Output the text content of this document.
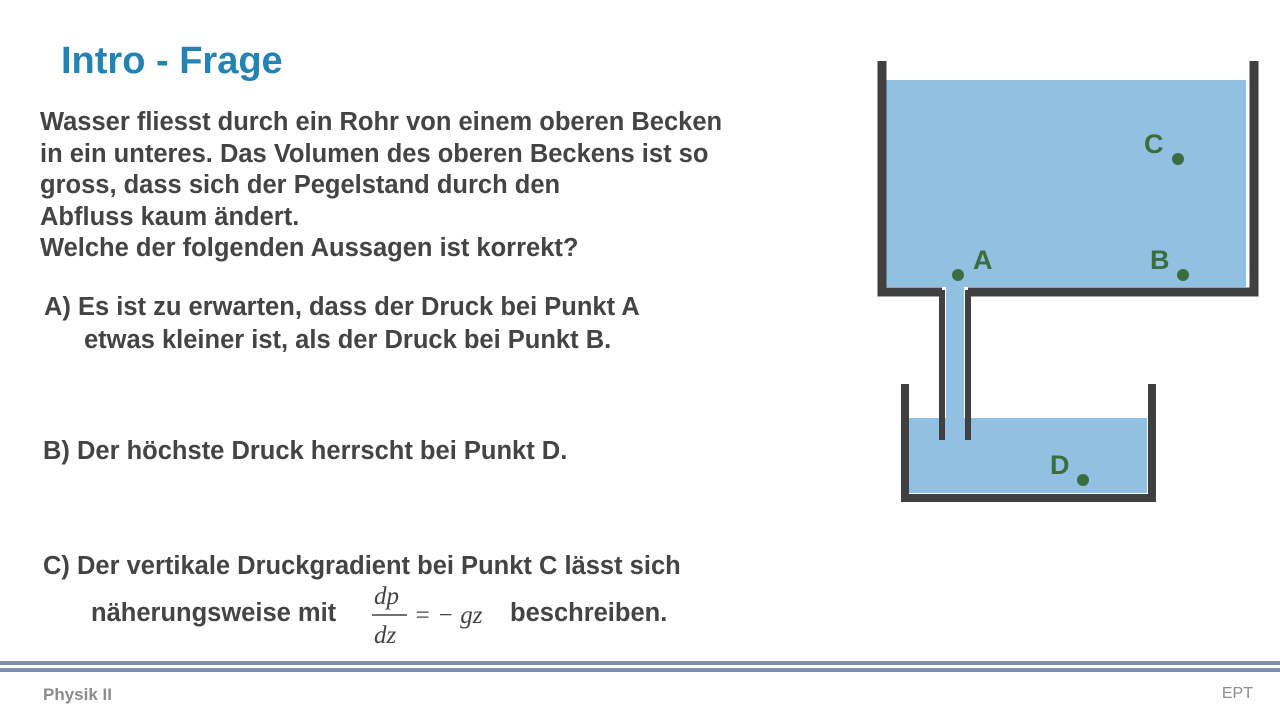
Intro - Frage
Wasser fliesst durch ein Rohr von einem oberen Becken
in ein unteres. Das Volumen des oberen Beckens ist so
gross, dass sich der Pegelstand durch den
Abfluss kaum ändert.
Welche der folgenden Aussagen ist korrekt?
A) Es ist zu erwarten, dass der Druck bei Punkt A
etwas kleiner ist, als der Druck bei Punkt B.
B) Der höchste Druck herrscht bei Punkt D.
C) Der vertikale Druckgradient bei Punkt C lässt sich
näherungsweise mit
dp
dz
= − gz beschreiben.
C
A	B
D
Physik II	EPT
